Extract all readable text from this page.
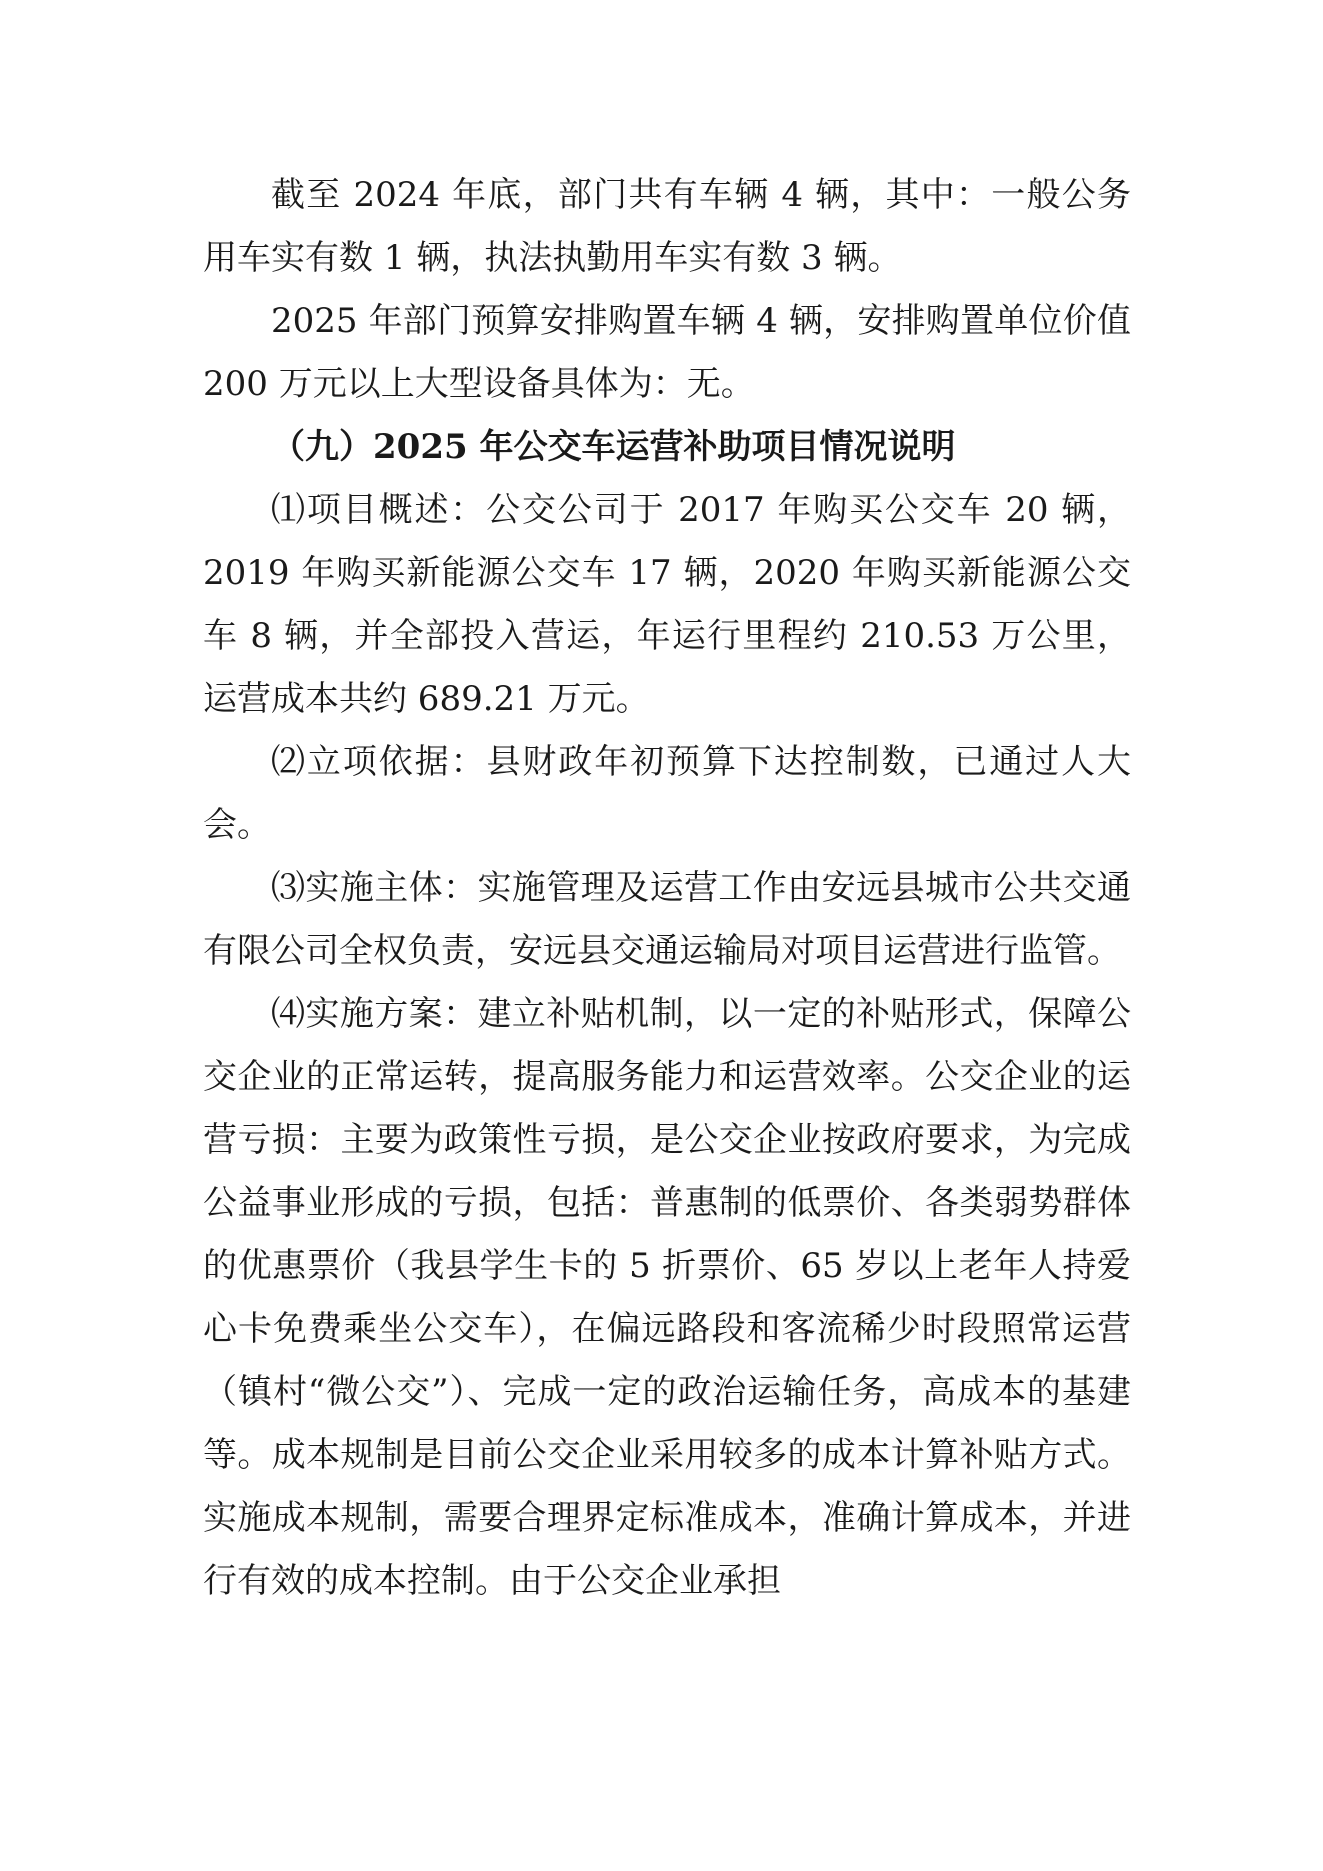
截至 2024 年底，部门共有车辆 4 辆，其中：一般公务用车实有数 1 辆，执法执勤用车实有数 3 辆。

2025 年部门预算安排购置车辆 4 辆，安排购置单位价值 200 万元以上大型设备具体为：无。

（九）2025 年公交车运营补助项目情况说明

⑴项目概述：公交公司于 2017 年购买公交车 20 辆，2019 年购买新能源公交车 17 辆，2020 年购买新能源公交车 8 辆，并全部投入营运，年运行里程约 210.53 万公里，运营成本共约 689.21 万元。

⑵立项依据：县财政年初预算下达控制数，已通过人大会。

⑶实施主体：实施管理及运营工作由安远县城市公共交通有限公司全权负责，安远县交通运输局对项目运营进行监管。

⑷实施方案：建立补贴机制，以一定的补贴形式，保障公交企业的正常运转，提高服务能力和运营效率。公交企业的运营亏损：主要为政策性亏损，是公交企业按政府要求，为完成公益事业形成的亏损，包括：普惠制的低票价、各类弱势群体的优惠票价（我县学生卡的 5 折票价、65 岁以上老年人持爱心卡免费乘坐公交车），在偏远路段和客流稀少时段照常运营（镇村“微公交”）、完成一定的政治运输任务，高成本的基建等。成本规制是目前公交企业采用较多的成本计算补贴方式。实施成本规制，需要合理界定标准成本，准确计算成本，并进行有效的成本控制。由于公交企业承担
